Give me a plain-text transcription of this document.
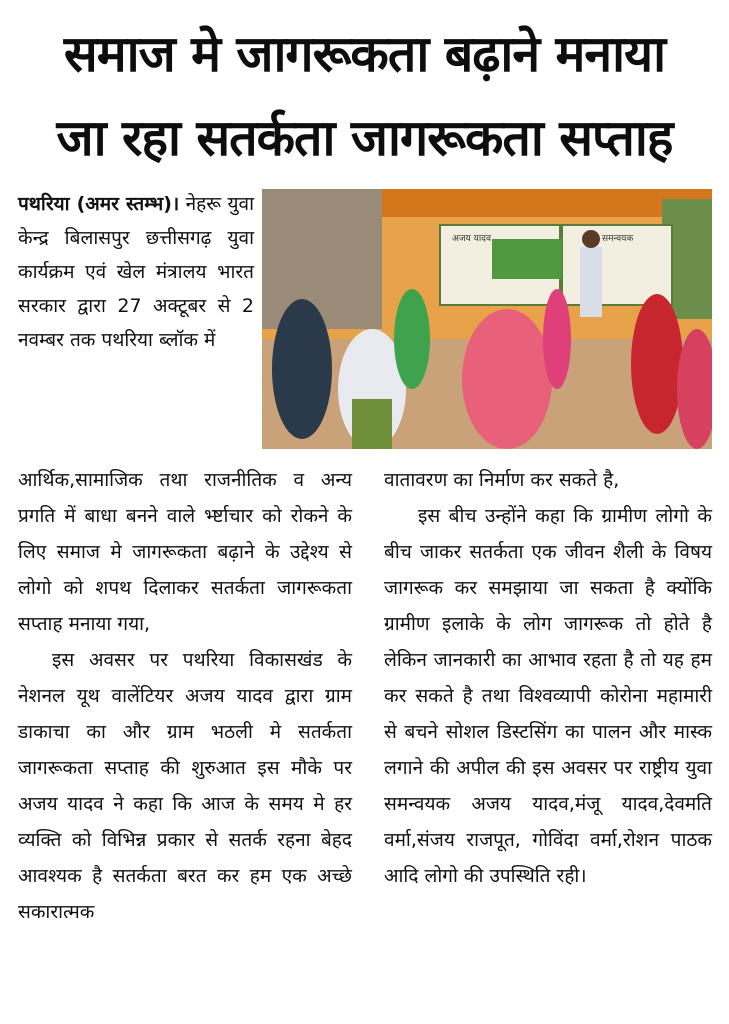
समाज मे जागरूकता बढ़ाने मनाया
जा रहा सतर्कता जागरूकता सप्ताह

पथरिया (अमर स्तम्भ)। नेहरू युवा केन्द्र बिलासपुर छत्तीसगढ़ युवा कार्यक्रम एवं खेल मंत्रालय भारत सरकार द्वारा 27 अक्टूबर से 2 नवम्बर तक पथरिया ब्लॉक में

अजय यादव	समन्वयक

आर्थिक,सामाजिक तथा राजनीतिक व अन्य प्रगति में बाधा बनने वाले र्भ्ष्टाचार को रोकने के लिए समाज मे जागरूकता बढ़ाने के उद्देश्य से लोगो को शपथ दिलाकर सतर्कता जागरूकता सप्ताह मनाया गया,

इस अवसर पर पथरिया विकासखंड के नेशनल यूथ वालेंटियर अजय यादव द्वारा ग्राम डाकाचा का और ग्राम भठली मे सतर्कता जागरूकता सप्ताह की शुरुआत इस मौके पर अजय यादव ने कहा कि आज के समय मे हर व्यक्ति को विभिन्न प्रकार से सतर्क रहना बेहद आवश्यक है सतर्कता बरत कर हम एक अच्छे सकारात्मक

वातावरण का निर्माण कर सकते है,

इस बीच उन्होंने कहा कि ग्रामीण लोगो के बीच जाकर सतर्कता एक जीवन शैली के विषय जागरूक कर समझाया जा सकता है क्योंकि ग्रामीण इलाके के लोग जागरूक तो होते है लेकिन जानकारी का आभाव रहता है तो यह हम कर सकते है तथा विश्वव्यापी कोरोना महामारी से बचने सोशल डिस्टसिंग का पालन और मास्क लगाने की अपील की इस अवसर पर राष्ट्रीय युवा समन्वयक अजय यादव,मंजू यादव,देवमति वर्मा,संजय राजपूत, गोविंदा वर्मा,रोशन पाठक आदि लोगो की उपस्थिति रही।
